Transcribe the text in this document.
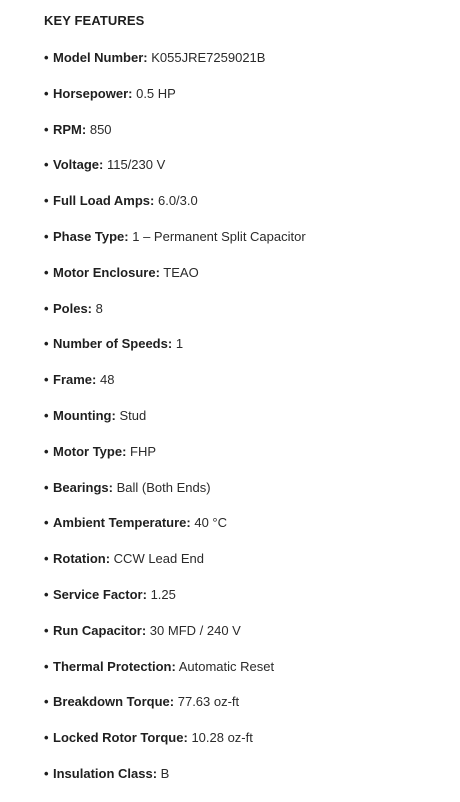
KEY FEATURES
• Model Number: K055JRE7259021B
• Horsepower: 0.5 HP
• RPM: 850
• Voltage: 115/230 V
• Full Load Amps: 6.0/3.0
• Phase Type: 1 – Permanent Split Capacitor
• Motor Enclosure: TEAO
• Poles: 8
• Number of Speeds: 1
• Frame: 48
• Mounting: Stud
• Motor Type: FHP
• Bearings: Ball (Both Ends)
• Ambient Temperature: 40 °C
• Rotation: CCW Lead End
• Service Factor: 1.25
• Run Capacitor: 30 MFD / 240 V
• Thermal Protection: Automatic Reset
• Breakdown Torque: 77.63 oz-ft
• Locked Rotor Torque: 10.28 oz-ft
• Insulation Class: B
